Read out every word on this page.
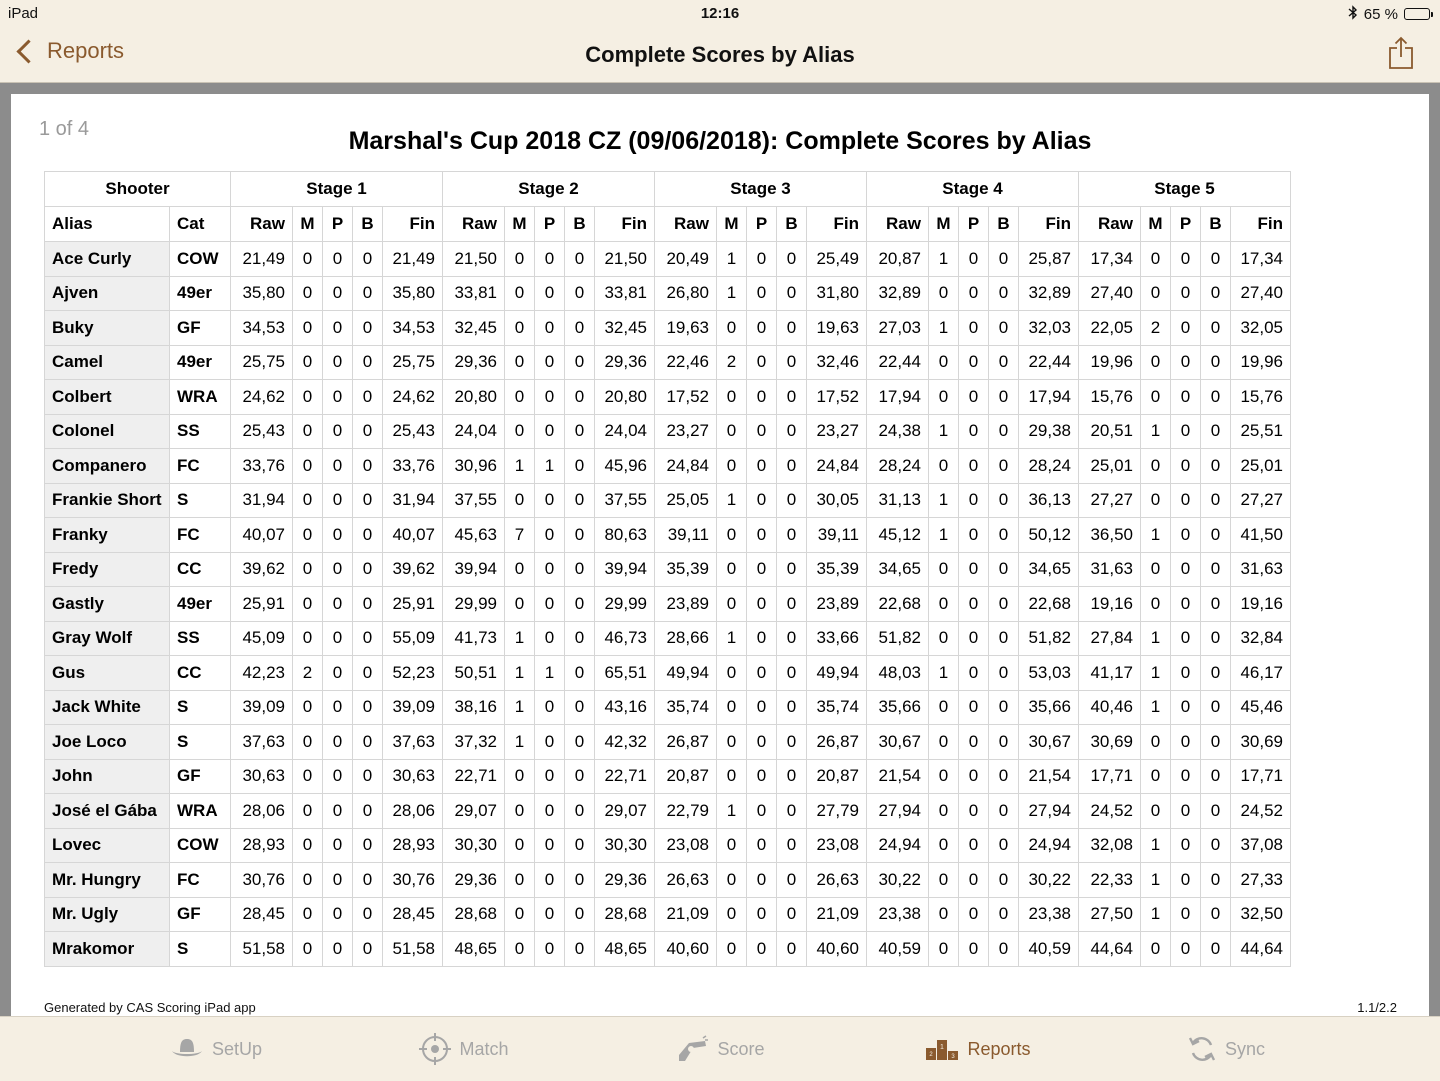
iPad	12:16	65 %
Reports	Complete Scores by Alias
1 of 4	Marshal's Cup 2018 CZ (09/06/2018): Complete Scores by Alias
Shooter		Stage 1					Stage 2					Stage 3					Stage 4					Stage 5				
Alias	Cat	Raw	M	P	B	Fin	Raw	M	P	B	Fin	Raw	M	P	B	Fin	Raw	M	P	B	Fin	Raw	M	P	B	Fin
Ace Curly	COW	21,49	0	0	0	21,49	21,50	0	0	0	21,50	20,49	1	0	0	25,49	20,87	1	0	0	25,87	17,34	0	0	0	17,34
Ajven	49er	35,80	0	0	0	35,80	33,81	0	0	0	33,81	26,80	1	0	0	31,80	32,89	0	0	0	32,89	27,40	0	0	0	27,40
Buky	GF	34,53	0	0	0	34,53	32,45	0	0	0	32,45	19,63	0	0	0	19,63	27,03	1	0	0	32,03	22,05	2	0	0	32,05
Camel	49er	25,75	0	0	0	25,75	29,36	0	0	0	29,36	22,46	2	0	0	32,46	22,44	0	0	0	22,44	19,96	0	0	0	19,96
Colbert	WRA	24,62	0	0	0	24,62	20,80	0	0	0	20,80	17,52	0	0	0	17,52	17,94	0	0	0	17,94	15,76	0	0	0	15,76
Colonel	SS	25,43	0	0	0	25,43	24,04	0	0	0	24,04	23,27	0	0	0	23,27	24,38	1	0	0	29,38	20,51	1	0	0	25,51
Companero	FC	33,76	0	0	0	33,76	30,96	1	1	0	45,96	24,84	0	0	0	24,84	28,24	0	0	0	28,24	25,01	0	0	0	25,01
Frankie Short	S	31,94	0	0	0	31,94	37,55	0	0	0	37,55	25,05	1	0	0	30,05	31,13	1	0	0	36,13	27,27	0	0	0	27,27
Franky	FC	40,07	0	0	0	40,07	45,63	7	0	0	80,63	39,11	0	0	0	39,11	45,12	1	0	0	50,12	36,50	1	0	0	41,50
Fredy	CC	39,62	0	0	0	39,62	39,94	0	0	0	39,94	35,39	0	0	0	35,39	34,65	0	0	0	34,65	31,63	0	0	0	31,63
Gastly	49er	25,91	0	0	0	25,91	29,99	0	0	0	29,99	23,89	0	0	0	23,89	22,68	0	0	0	22,68	19,16	0	0	0	19,16
Gray Wolf	SS	45,09	0	0	0	55,09	41,73	1	0	0	46,73	28,66	1	0	0	33,66	51,82	0	0	0	51,82	27,84	1	0	0	32,84
Gus	CC	42,23	2	0	0	52,23	50,51	1	1	0	65,51	49,94	0	0	0	49,94	48,03	1	0	0	53,03	41,17	1	0	0	46,17
Jack White	S	39,09	0	0	0	39,09	38,16	1	0	0	43,16	35,74	0	0	0	35,74	35,66	0	0	0	35,66	40,46	1	0	0	45,46
Joe Loco	S	37,63	0	0	0	37,63	37,32	1	0	0	42,32	26,87	0	0	0	26,87	30,67	0	0	0	30,67	30,69	0	0	0	30,69
John	GF	30,63	0	0	0	30,63	22,71	0	0	0	22,71	20,87	0	0	0	20,87	21,54	0	0	0	21,54	17,71	0	0	0	17,71
José el Gába	WRA	28,06	0	0	0	28,06	29,07	0	0	0	29,07	22,79	1	0	0	27,79	27,94	0	0	0	27,94	24,52	0	0	0	24,52
Lovec	COW	28,93	0	0	0	28,93	30,30	0	0	0	30,30	23,08	0	0	0	23,08	24,94	0	0	0	24,94	32,08	1	0	0	37,08
Mr. Hungry	FC	30,76	0	0	0	30,76	29,36	0	0	0	29,36	26,63	0	0	0	26,63	30,22	0	0	0	30,22	22,33	1	0	0	27,33
Mr. Ugly	GF	28,45	0	0	0	28,45	28,68	0	0	0	28,68	21,09	0	0	0	21,09	23,38	0	0	0	23,38	27,50	1	0	0	32,50
Mrakomor	S	51,58	0	0	0	51,58	48,65	0	0	0	48,65	40,60	0	0	0	40,60	40,59	0	0	0	40,59	44,64	0	0	0	44,64
Generated by CAS Scoring iPad app	1.1/2.2
SetUp	Match	Score	1
2	3 Reports	Sync
